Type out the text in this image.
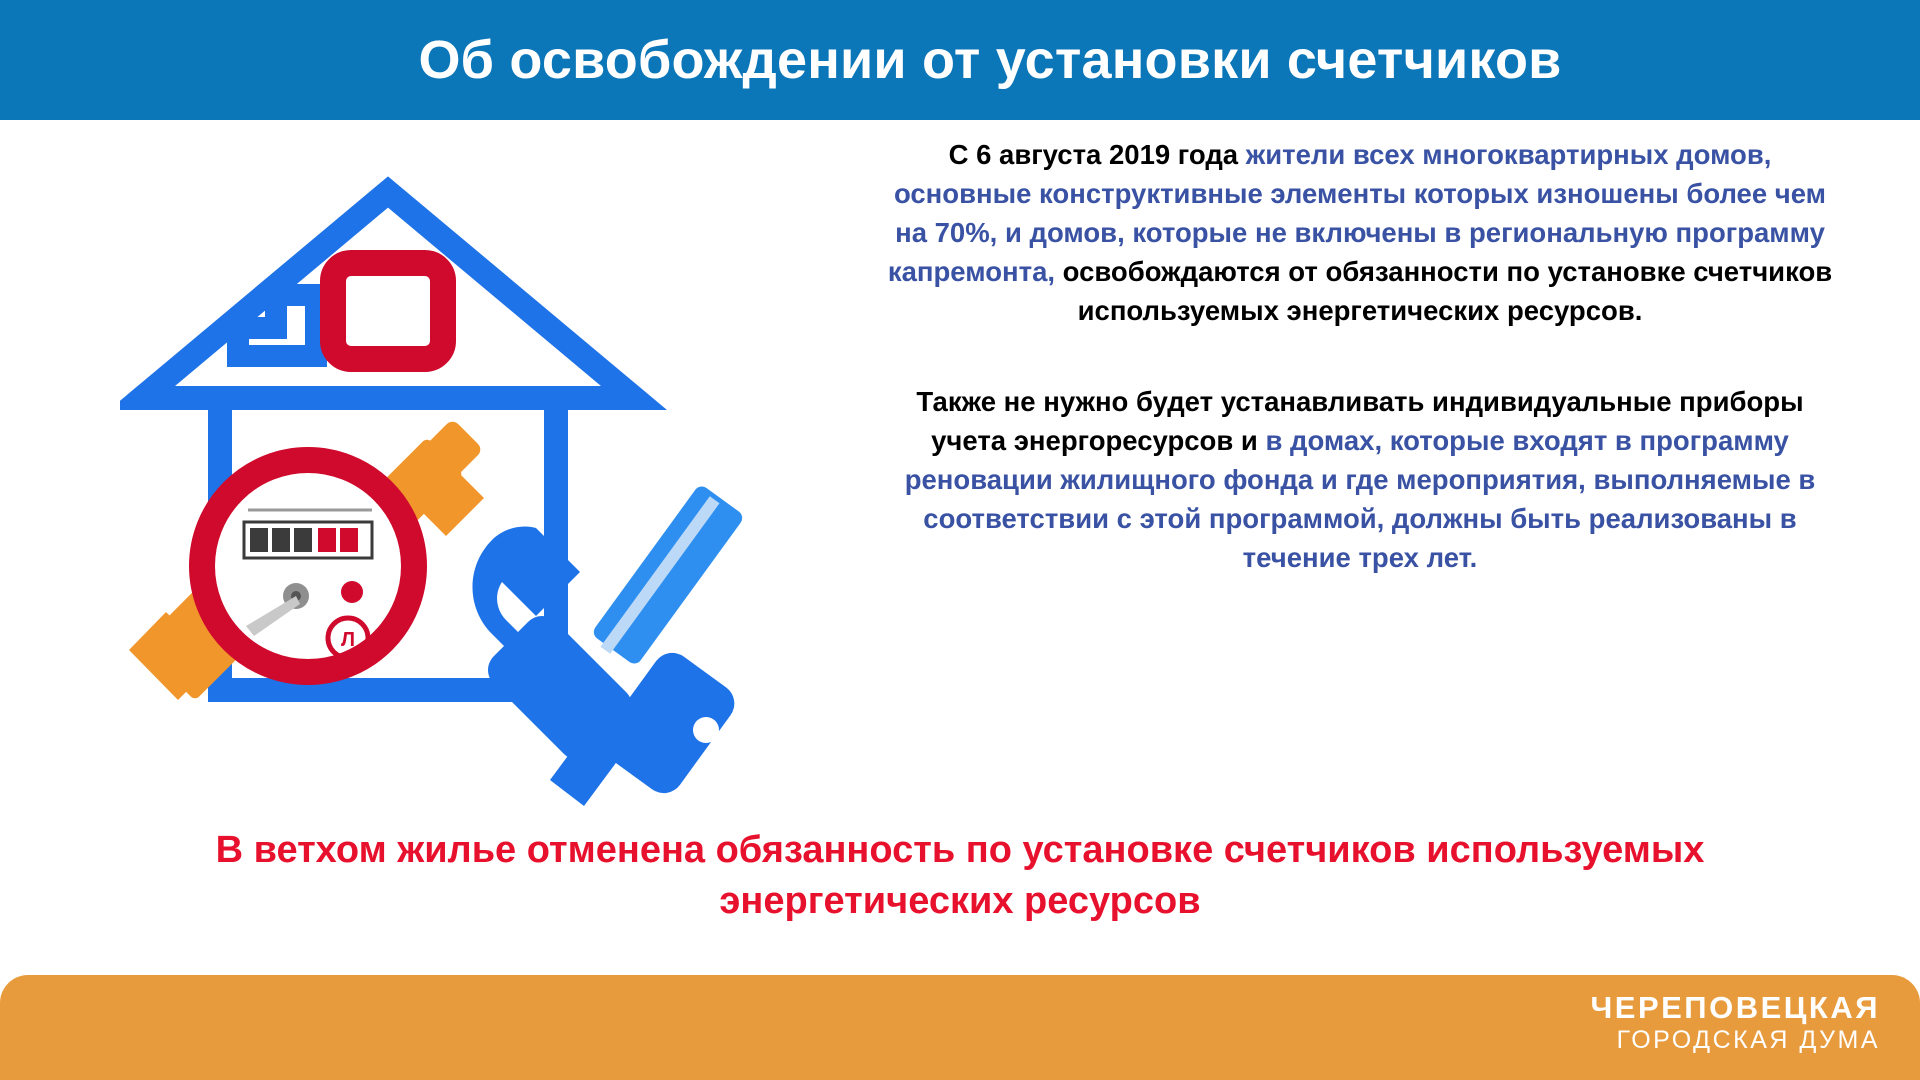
Об освобождении от установки счетчиков
Л
С 6 августа 2019 года жители всех многоквартирных домов, основные конструктивные элементы которых изношены более чем на 70%, и домов, которые не включены в региональную программу капремонта, освобождаются от обязанности по установке счетчиков используемых энергетических ресурсов.
Также не нужно будет устанавливать индивидуальные приборы учета энергоресурсов и в домах, которые входят в программу реновации жилищного фонда и где мероприятия, выполняемые в соответствии с этой программой, должны быть реализованы в течение трех лет.
В ветхом жилье отменена обязанность по установке счетчиков используемых энергетических ресурсов
ЧЕРЕПОВЕЦКАЯ
ГОРОДСКАЯ ДУМА
